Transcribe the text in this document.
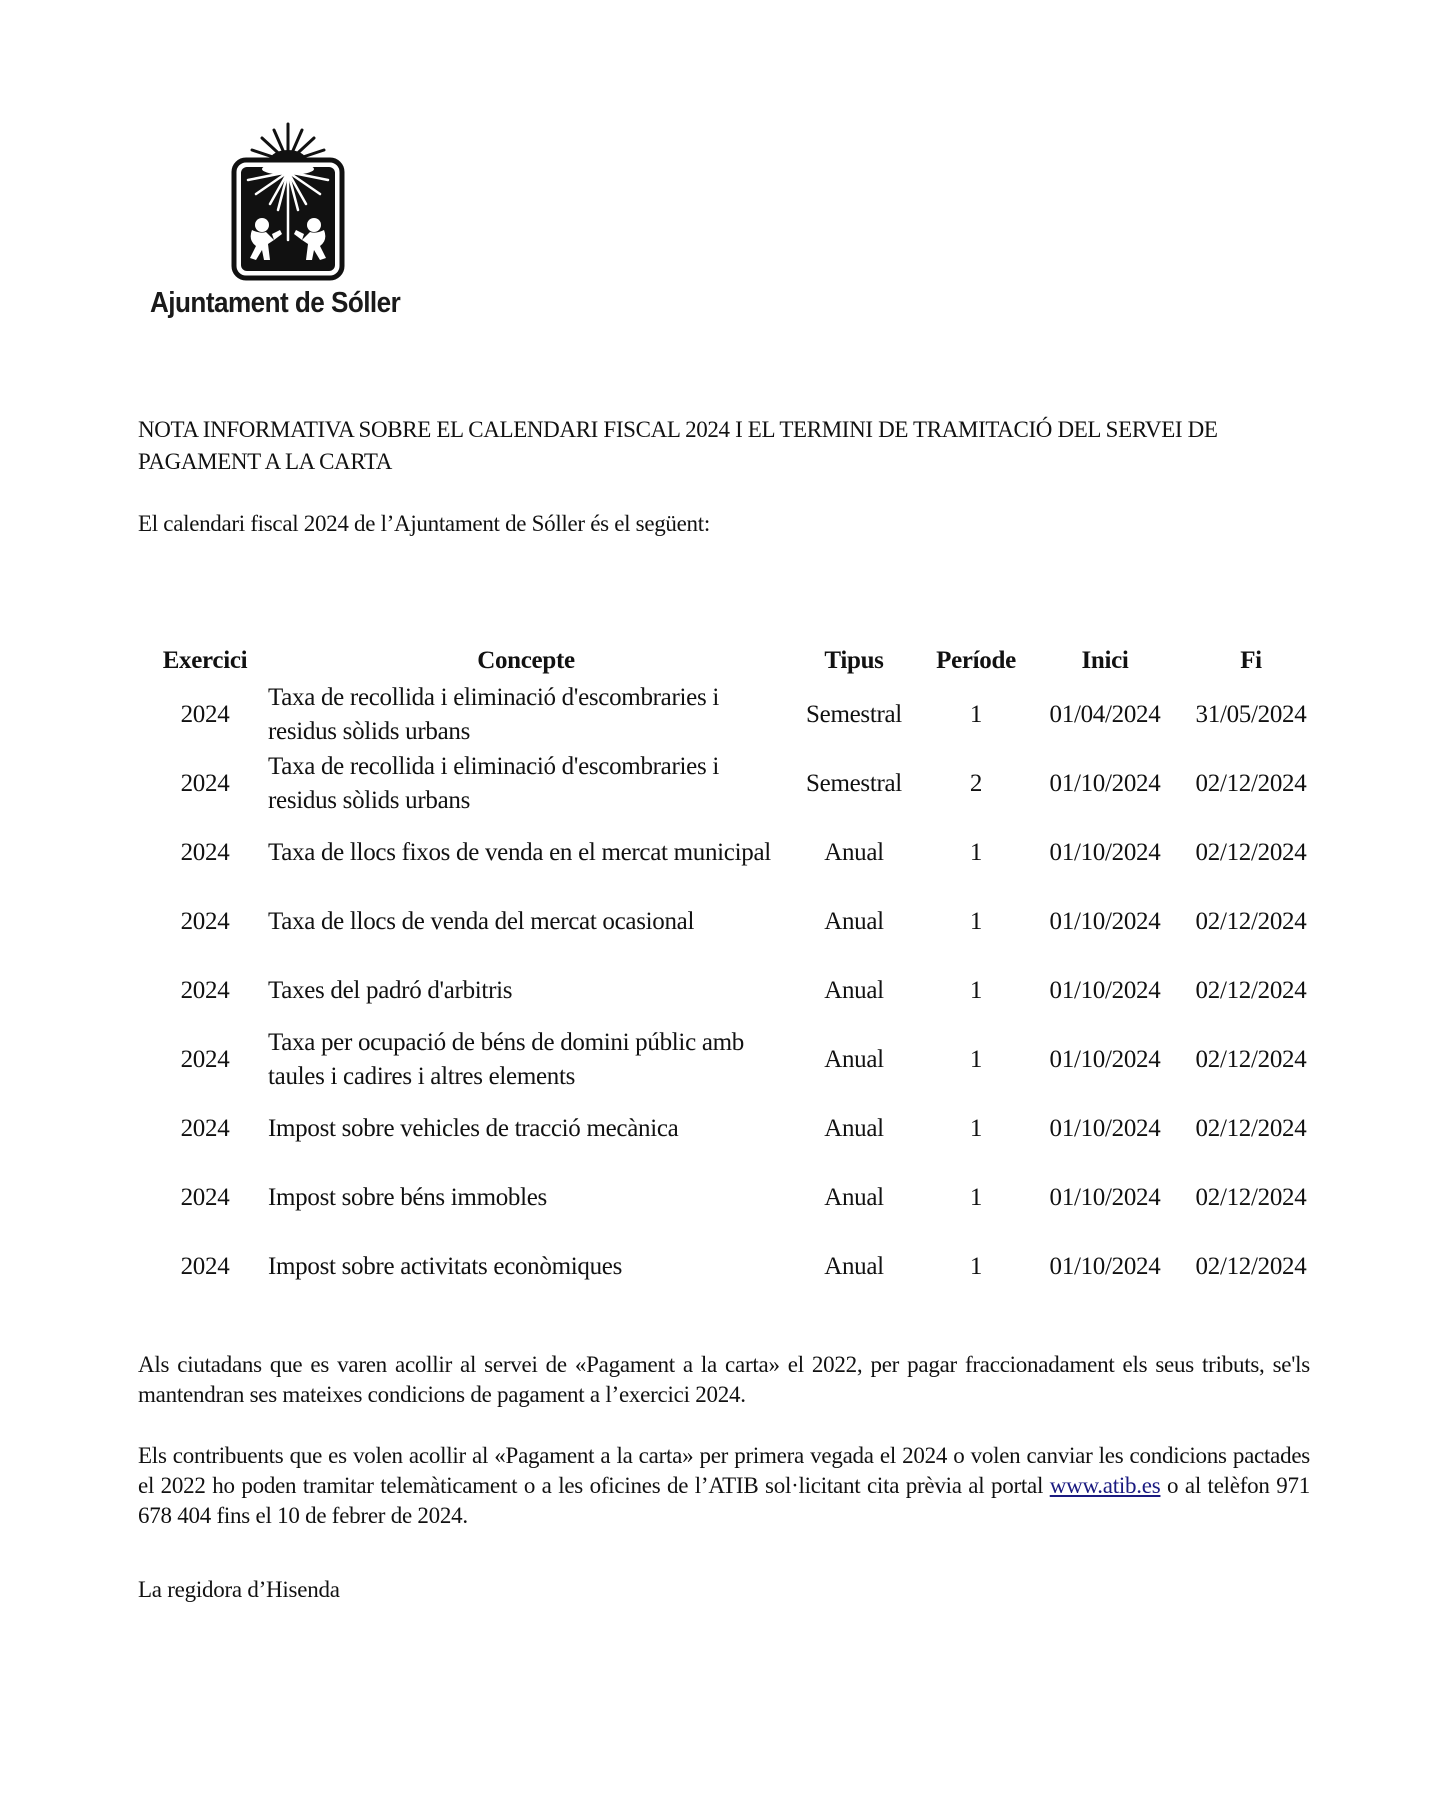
Ajuntament de Sóller
NOTA INFORMATIVA SOBRE EL CALENDARI FISCAL 2024 I EL TERMINI DE TRAMITACIÓ DEL SERVEI DE PAGAMENT A LA CARTA

El calendari fiscal 2024 de l’Ajuntament de Sóller és el següent:

Exercici	Concepte	Tipus	Període	Inici	Fi
2024	Taxa de recollida i eliminació d'escombraries i residus sòlids urbans	Semestral	1	01/04/2024	31/05/2024
2024	Taxa de recollida i eliminació d'escombraries i residus sòlids urbans	Semestral	2	01/10/2024	02/12/2024
2024	Taxa de llocs fixos de venda en el mercat municipal	Anual	1	01/10/2024	02/12/2024
2024	Taxa de llocs de venda del mercat ocasional	Anual	1	01/10/2024	02/12/2024
2024	Taxes del padró d'arbitris	Anual	1	01/10/2024	02/12/2024
2024	Taxa per ocupació de béns de domini públic amb taules i cadires i altres elements	Anual	1	01/10/2024	02/12/2024
2024	Impost sobre vehicles de tracció mecànica	Anual	1	01/10/2024	02/12/2024
2024	Impost sobre béns immobles	Anual	1	01/10/2024	02/12/2024
2024	Impost sobre activitats econòmiques	Anual	1	01/10/2024	02/12/2024

Als ciutadans que es varen acollir al servei de «Pagament a la carta» el 2022, per pagar fraccionadament els seus tributs, se'ls mantendran ses mateixes condicions de pagament a l’exercici 2024.

Els contribuents que es volen acollir al «Pagament a la carta» per primera vegada el 2024 o volen canviar les condicions pactades el 2022 ho poden tramitar telemàticament o a les oficines de l’ATIB sol·licitant cita prèvia al portal www.atib.es o al telèfon 971 678 404 fins el 10 de febrer de 2024.

La regidora d’Hisenda
